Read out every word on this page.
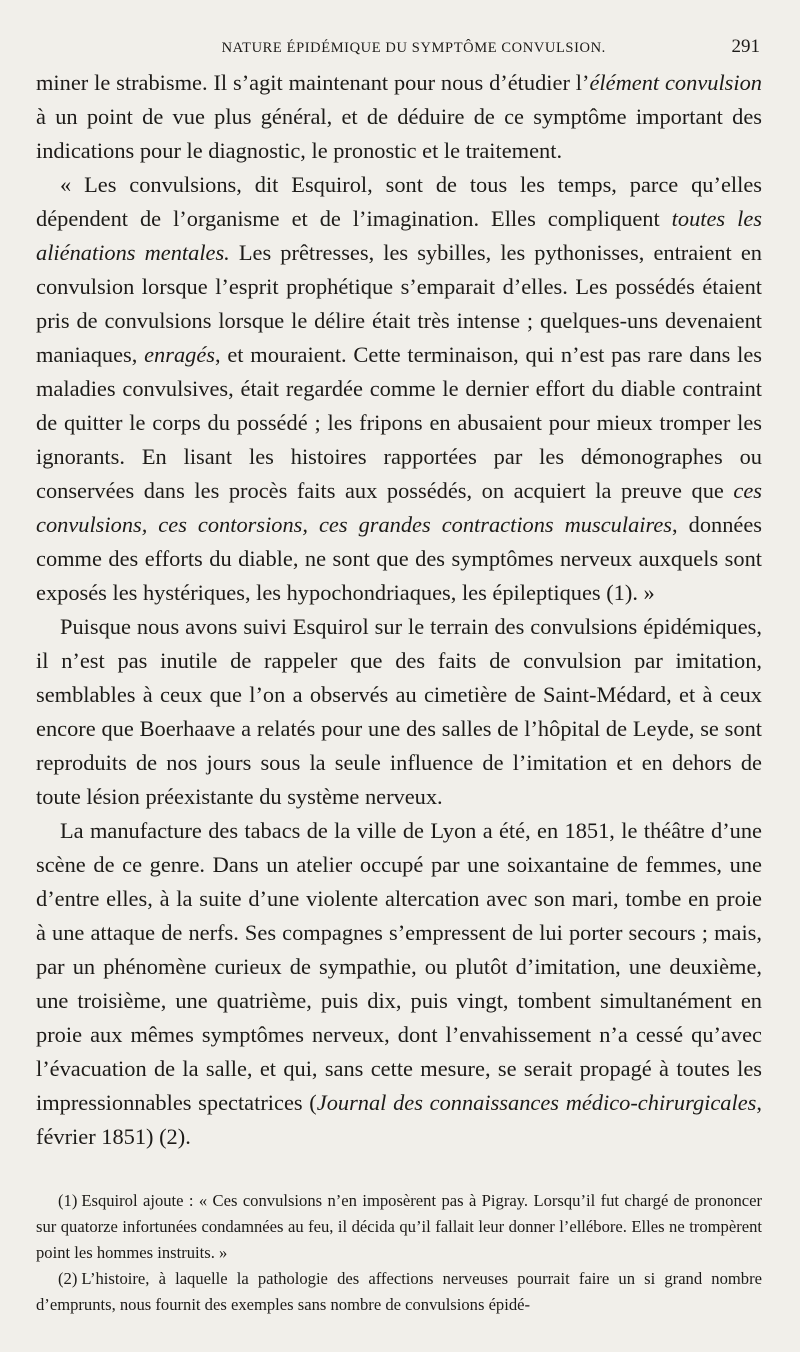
NATURE ÉPIDÉMIQUE DU SYMPTÔME CONVULSION.	291

miner le strabisme. Il s’agit maintenant pour nous d’étudier l’élément convulsion à un point de vue plus général, et de déduire de ce symptôme important des indications pour le diagnostic, le pronostic et le traitement.

« Les convulsions, dit Esquirol, sont de tous les temps, parce qu’elles dépendent de l’organisme et de l’imagination. Elles compliquent toutes les aliénations mentales. Les prêtresses, les sybilles, les pythonisses, entraient en convulsion lorsque l’esprit prophétique s’emparait d’elles. Les possédés étaient pris de convulsions lorsque le délire était très intense ; quelques-uns devenaient maniaques, enragés, et mouraient. Cette terminaison, qui n’est pas rare dans les maladies convulsives, était regardée comme le dernier effort du diable contraint de quitter le corps du possédé ; les fripons en abusaient pour mieux tromper les ignorants. En lisant les histoires rapportées par les démonographes ou conservées dans les procès faits aux possédés, on acquiert la preuve que ces convulsions, ces contorsions, ces grandes contractions musculaires, données comme des efforts du diable, ne sont que des symptômes nerveux auxquels sont exposés les hystériques, les hypochondriaques, les épileptiques (1). »

Puisque nous avons suivi Esquirol sur le terrain des convulsions épidémiques, il n’est pas inutile de rappeler que des faits de convulsion par imitation, semblables à ceux que l’on a observés au cimetière de Saint-Médard, et à ceux encore que Boerhaave a relatés pour une des salles de l’hôpital de Leyde, se sont reproduits de nos jours sous la seule influence de l’imitation et en dehors de toute lésion préexistante du système nerveux.

La manufacture des tabacs de la ville de Lyon a été, en 1851, le théâtre d’une scène de ce genre. Dans un atelier occupé par une soixantaine de femmes, une d’entre elles, à la suite d’une violente altercation avec son mari, tombe en proie à une attaque de nerfs. Ses compagnes s’empressent de lui porter secours ; mais, par un phénomène curieux de sympathie, ou plutôt d’imitation, une deuxième, une troisième, une quatrième, puis dix, puis vingt, tombent simultanément en proie aux mêmes symptômes nerveux, dont l’envahissement n’a cessé qu’avec l’évacuation de la salle, et qui, sans cette mesure, se serait propagé à toutes les impressionnables spectatrices (Journal des connaissances médico-chirurgicales, février 1851) (2).

(1) Esquirol ajoute : « Ces convulsions n’en imposèrent pas à Pigray. Lorsqu’il fut chargé de prononcer sur quatorze infortunées condamnées au feu, il décida qu’il fallait leur donner l’ellébore. Elles ne trompèrent point les hommes instruits. »

(2) L’histoire, à laquelle la pathologie des affections nerveuses pourrait faire un si grand nombre d’emprunts, nous fournit des exemples sans nombre de convulsions épidé-
